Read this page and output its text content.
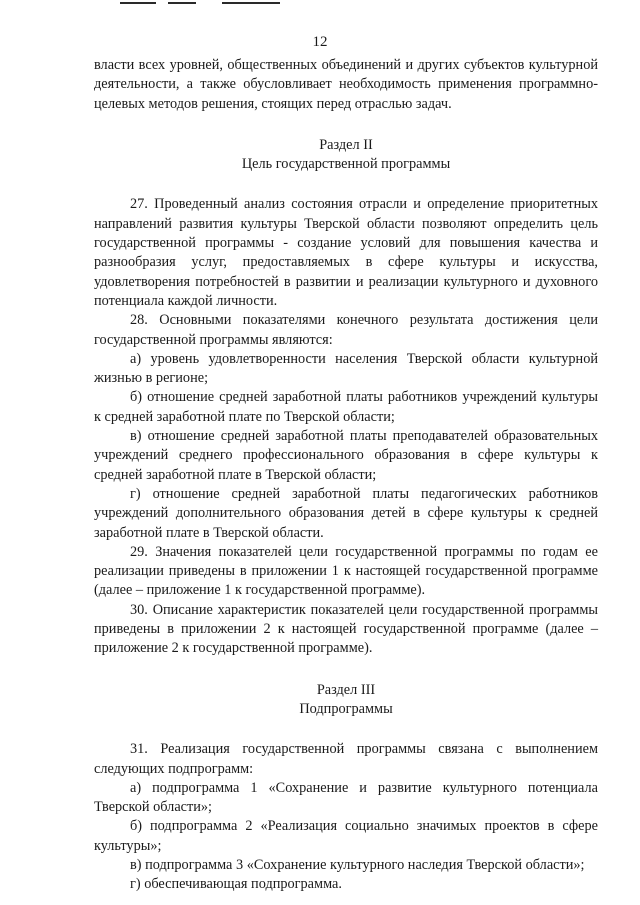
12

власти всех уровней, общественных объединений и других субъектов культурной деятельности, а также обусловливает необходимость применения программно-целевых методов решения, стоящих перед отраслью задач.

Раздел II

Цель государственной программы

27. Проведенный анализ состояния отрасли и определение приоритетных направлений развития культуры Тверской области позволяют определить цель государственной программы - создание условий для повышения качества и разнообразия услуг, предоставляемых в сфере культуры и искусства, удовлетворения потребностей в развитии и реализации культурного и духовного потенциала каждой личности.

28. Основными показателями конечного результата достижения цели государственной программы являются:

а) уровень удовлетворенности населения Тверской области культурной жизнью в регионе;

б) отношение средней заработной платы работников учреждений культуры к средней заработной плате по Тверской области;

в) отношение средней заработной платы преподавателей образовательных учреждений среднего профессионального образования в сфере культуры к средней заработной плате в Тверской области;

г) отношение средней заработной платы педагогических работников учреждений дополнительного образования детей в сфере культуры к средней заработной плате в Тверской области.

29. Значения показателей цели государственной программы по годам ее реализации приведены в приложении 1 к настоящей государственной программе (далее – приложение 1 к государственной программе).

30. Описание характеристик показателей цели государственной программы приведены в приложении 2 к настоящей государственной программе (далее – приложение 2 к государственной программе).

Раздел III

Подпрограммы

31. Реализация государственной программы связана с выполнением следующих подпрограмм:

а) подпрограмма 1 «Сохранение и развитие культурного потенциала Тверской области»;

б) подпрограмма 2 «Реализация социально значимых проектов в сфере культуры»;

в) подпрограмма 3 «Сохранение культурного наследия Тверской области»;

г) обеспечивающая подпрограмма.
